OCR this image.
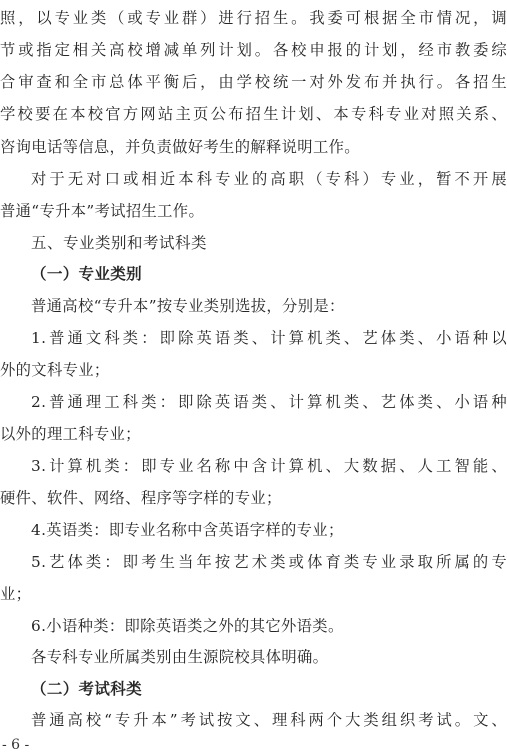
照，以专业类（或专业群）进行招生。我委可根据全市情况，调
节或指定相关高校增减单列计划。各校申报的计划，经市教委综
合审查和全市总体平衡后，由学校统一对外发布并执行。各招生
学校要在本校官方网站主页公布招生计划、本专科专业对照关系、
咨询电话等信息，并负责做好考生的解释说明工作。
对于无对口或相近本科专业的高职（专科）专业，暂不开展
普通“专升本”考试招生工作。
五、专业类别和考试科类
（一）专业类别
普通高校“专升本”按专业类别选拔，分别是：
1.普通文科类：即除英语类、计算机类、艺体类、小语种以
外的文科专业；
2.普通理工科类：即除英语类、计算机类、艺体类、小语种
以外的理工科专业；
3.计算机类：即专业名称中含计算机、大数据、人工智能、
硬件、软件、网络、程序等字样的专业；
4.英语类：即专业名称中含英语字样的专业；
5.艺体类：即考生当年按艺术类或体育类专业录取所属的专
业；
6.小语种类：即除英语类之外的其它外语类。
各专科专业所属类别由生源院校具体明确。
（二）考试科类
普通高校“专升本”考试按文、理科两个大类组织考试。文、
- 6 -
